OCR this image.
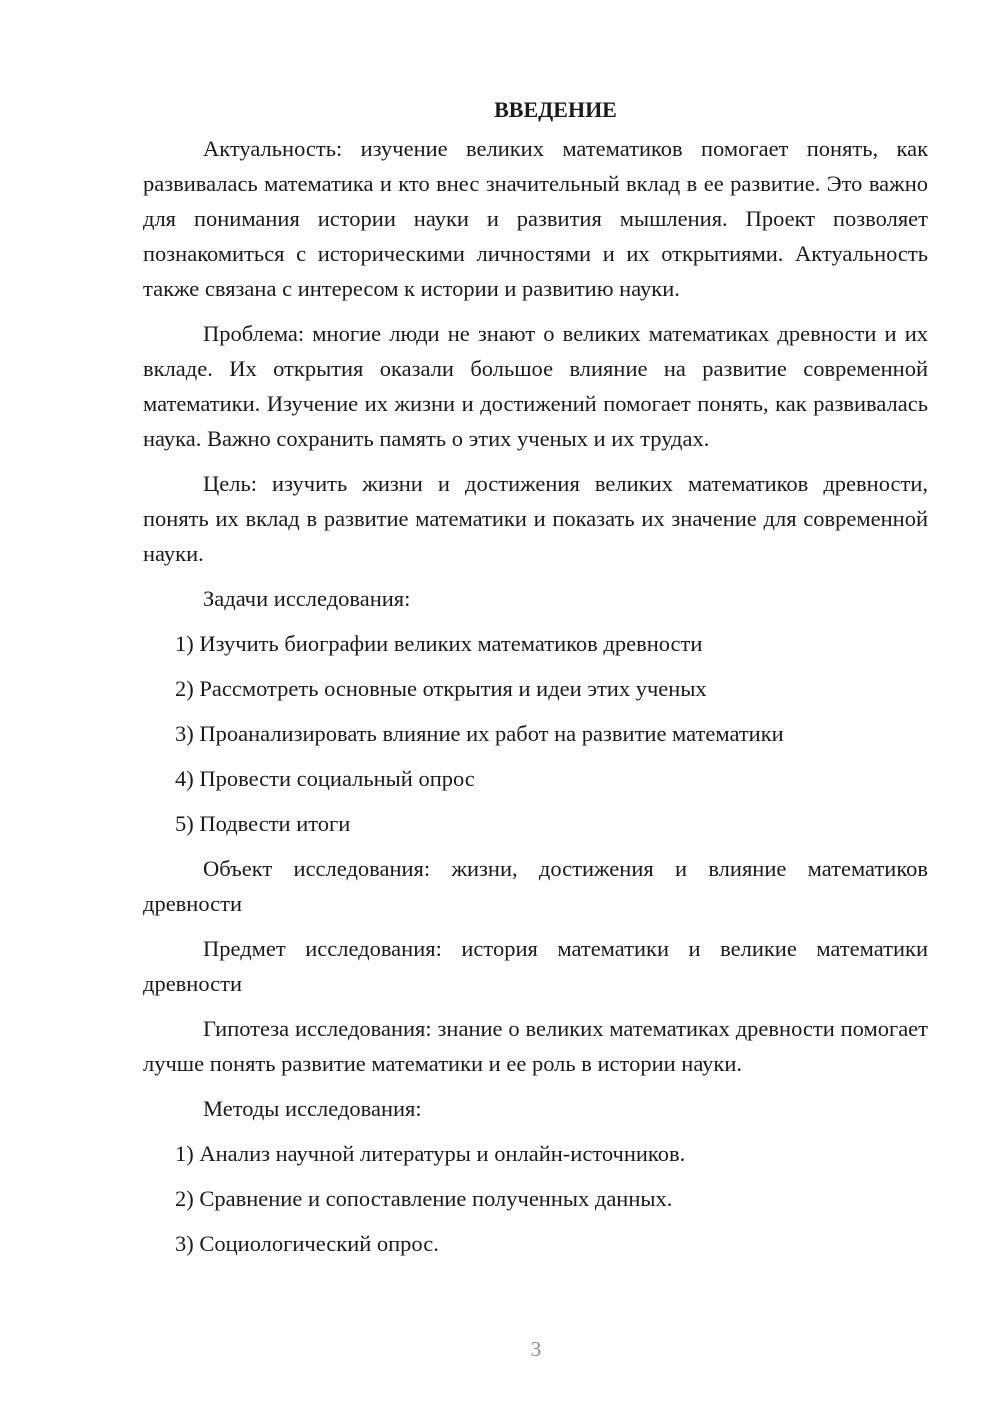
ВВЕДЕНИЕ

Актуальность: изучение великих математиков помогает понять, как развивалась математика и кто внес значительный вклад в ее развитие. Это важно для понимания истории науки и развития мышления. Проект позволяет познакомиться с историческими личностями и их открытиями. Актуальность также связана с интересом к истории и развитию науки.

Проблема: многие люди не знают о великих математиках древности и их вкладе. Их открытия оказали большое влияние на развитие современной математики. Изучение их жизни и достижений помогает понять, как развивалась наука. Важно сохранить память о этих ученых и их трудах.

Цель: изучить жизни и достижения великих математиков древности, понять их вклад в развитие математики и показать их значение для современной науки.

Задачи исследования:

1) Изучить биографии великих математиков древности
2) Рассмотреть основные открытия и идеи этих ученых
3) Проанализировать влияние их работ на развитие математики
4) Провести социальный опрос
5) Подвести итоги

Объект исследования: жизни, достижения и влияние математиков древности

Предмет исследования: история математики и великие математики древности

Гипотеза исследования: знание о великих математиках древности помогает лучше понять развитие математики и ее роль в истории науки.

Методы исследования:

1) Анализ научной литературы и онлайн-источников.
2) Сравнение и сопоставление полученных данных.
3) Социологический опрос.
3
